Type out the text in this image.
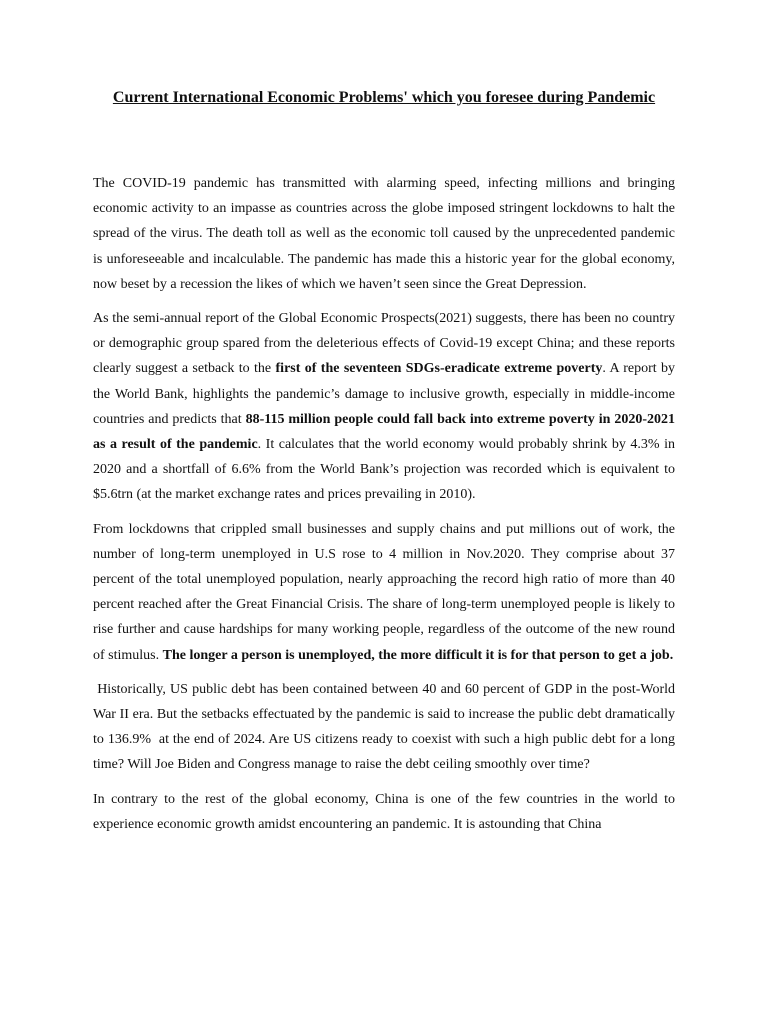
Current International Economic Problems' which you foresee during Pandemic

The COVID-19 pandemic has transmitted with alarming speed, infecting millions and bringing economic activity to an impasse as countries across the globe imposed stringent lockdowns to halt the spread of the virus. The death toll as well as the economic toll caused by the unprecedented pandemic is unforeseeable and incalculable. The pandemic has made this a historic year for the global economy, now beset by a recession the likes of which we haven’t seen since the Great Depression.

As the semi-annual report of the Global Economic Prospects(2021) suggests, there has been no country or demographic group spared from the deleterious effects of Covid-19 except China; and these reports clearly suggest a setback to the first of the seventeen SDGs-eradicate extreme poverty. A report by the World Bank, highlights the pandemic’s damage to inclusive growth, especially in middle-income countries and predicts that 88-115 million people could fall back into extreme poverty in 2020-2021 as a result of the pandemic. It calculates that the world economy would probably shrink by 4.3% in 2020 and a shortfall of 6.6% from the World Bank’s projection was recorded which is equivalent to $5.6trn (at the market exchange rates and prices prevailing in 2010).

From lockdowns that crippled small businesses and supply chains and put millions out of work, the number of long-term unemployed in U.S rose to 4 million in Nov.2020. They comprise about 37 percent of the total unemployed population, nearly approaching the record high ratio of more than 40 percent reached after the Great Financial Crisis. The share of long-term unemployed people is likely to rise further and cause hardships for many working people, regardless of the outcome of the new round of stimulus. The longer a person is unemployed, the more difficult it is for that person to get a job.

Historically, US public debt has been contained between 40 and 60 percent of GDP in the post-World War II era. But the setbacks effectuated by the pandemic is said to increase the public debt dramatically to 136.9%  at the end of 2024. Are US citizens ready to coexist with such a high public debt for a long time? Will Joe Biden and Congress manage to raise the debt ceiling smoothly over time?

In contrary to the rest of the global economy, China is one of the few countries in the world to experience economic growth amidst encountering an pandemic. It is astounding that China
